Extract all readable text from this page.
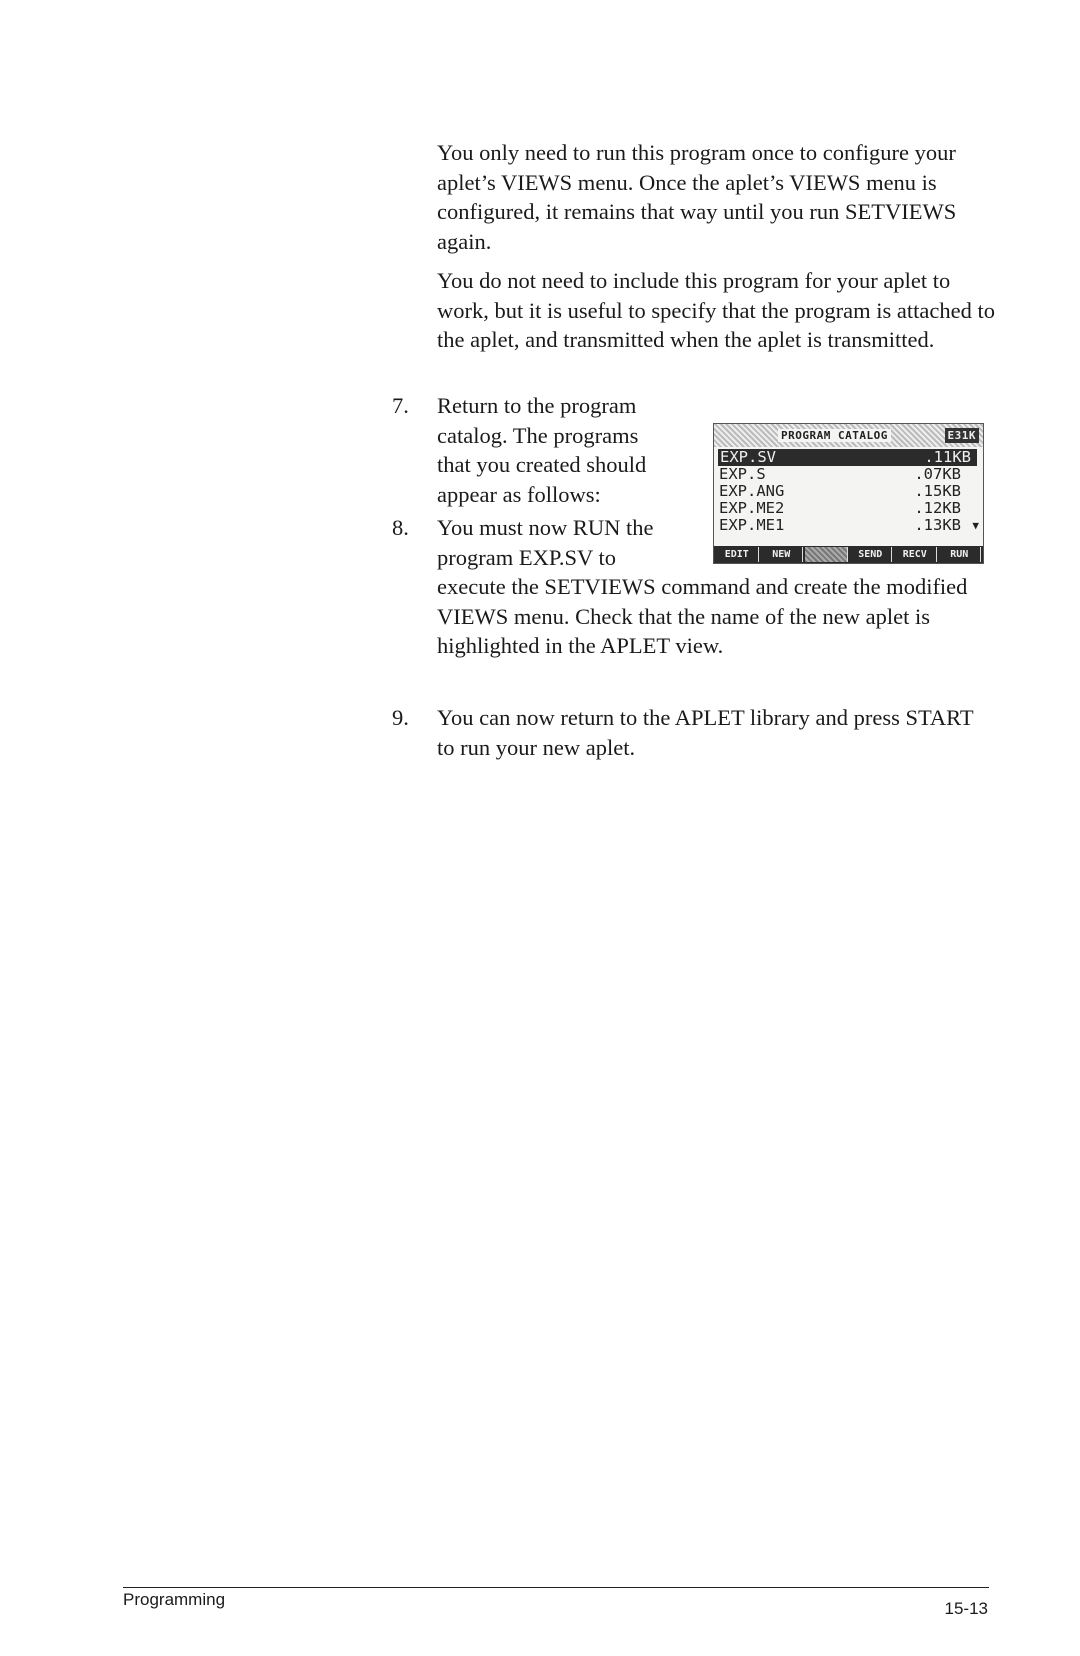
You only need to run this program once to configure your aplet’s VIEWS menu. Once the aplet’s VIEWS menu is configured, it remains that way until you run SETVIEWS again.

You do not need to include this program for your aplet to work, but it is useful to specify that the program is attached to the aplet, and transmitted when the aplet is transmitted.

7. Return to the program catalog. The programs that you created should appear as follows:

8. You must now RUN the program EXP.SV to

execute the SETVIEWS command and create the modified VIEWS menu. Check that the name of the new aplet is highlighted in the APLET view.

9. You can now return to the APLET library and press START to run your new aplet.

PROGRAM CATALOG	E31K
EXP.SV	.11KB
EXP.S	.07KB
EXP.ANG	.15KB
EXP.ME2	.12KB
EXP.ME1	.13KB ▼
EDIT	NEW	SEND	RECV	RUN
Programming	15-13
